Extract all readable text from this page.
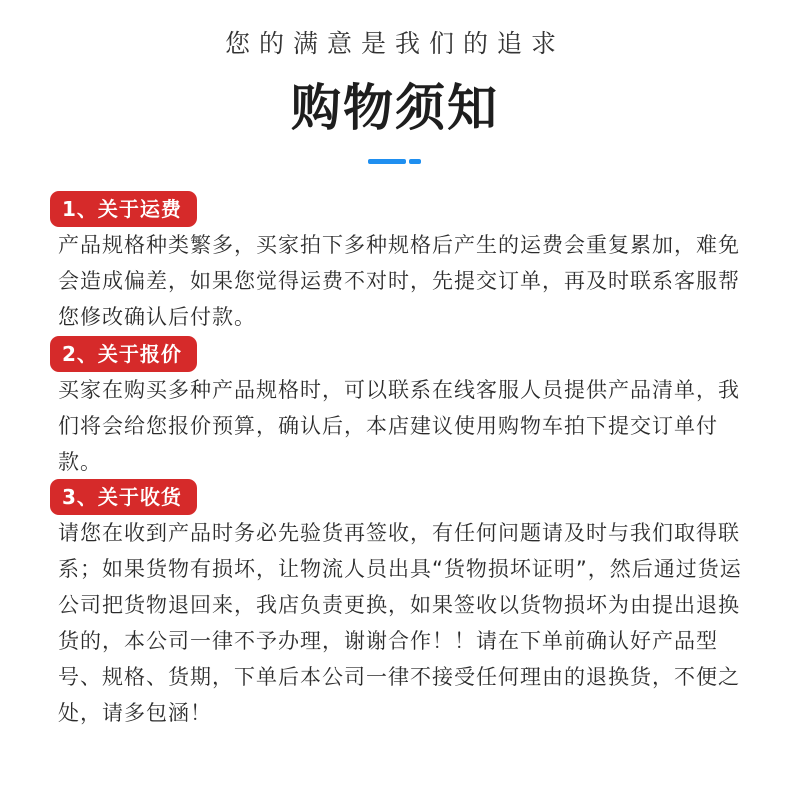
您的满意是我们的追求
购物须知
1、关于运费

产品规格种类繁多，买家拍下多种规格后产生的运费会重复累加，难免会造成偏差，如果您觉得运费不对时，先提交订单，再及时联系客服帮您修改确认后付款。

2、关于报价

买家在购买多种产品规格时，可以联系在线客服人员提供产品清单，我们将会给您报价预算，确认后，本店建议使用购物车拍下提交订单付款。

3、关于收货

请您在收到产品时务必先验货再签收，有任何问题请及时与我们取得联系；如果货物有损坏，让物流人员出具“货物损坏证明”，然后通过货运公司把货物退回来，我店负责更换，如果签收以货物损坏为由提出退换货的，本公司一律不予办理，谢谢合作！！请在下单前确认好产品型号、规格、货期，下单后本公司一律不接受任何理由的退换货，不便之处，请多包涵！
